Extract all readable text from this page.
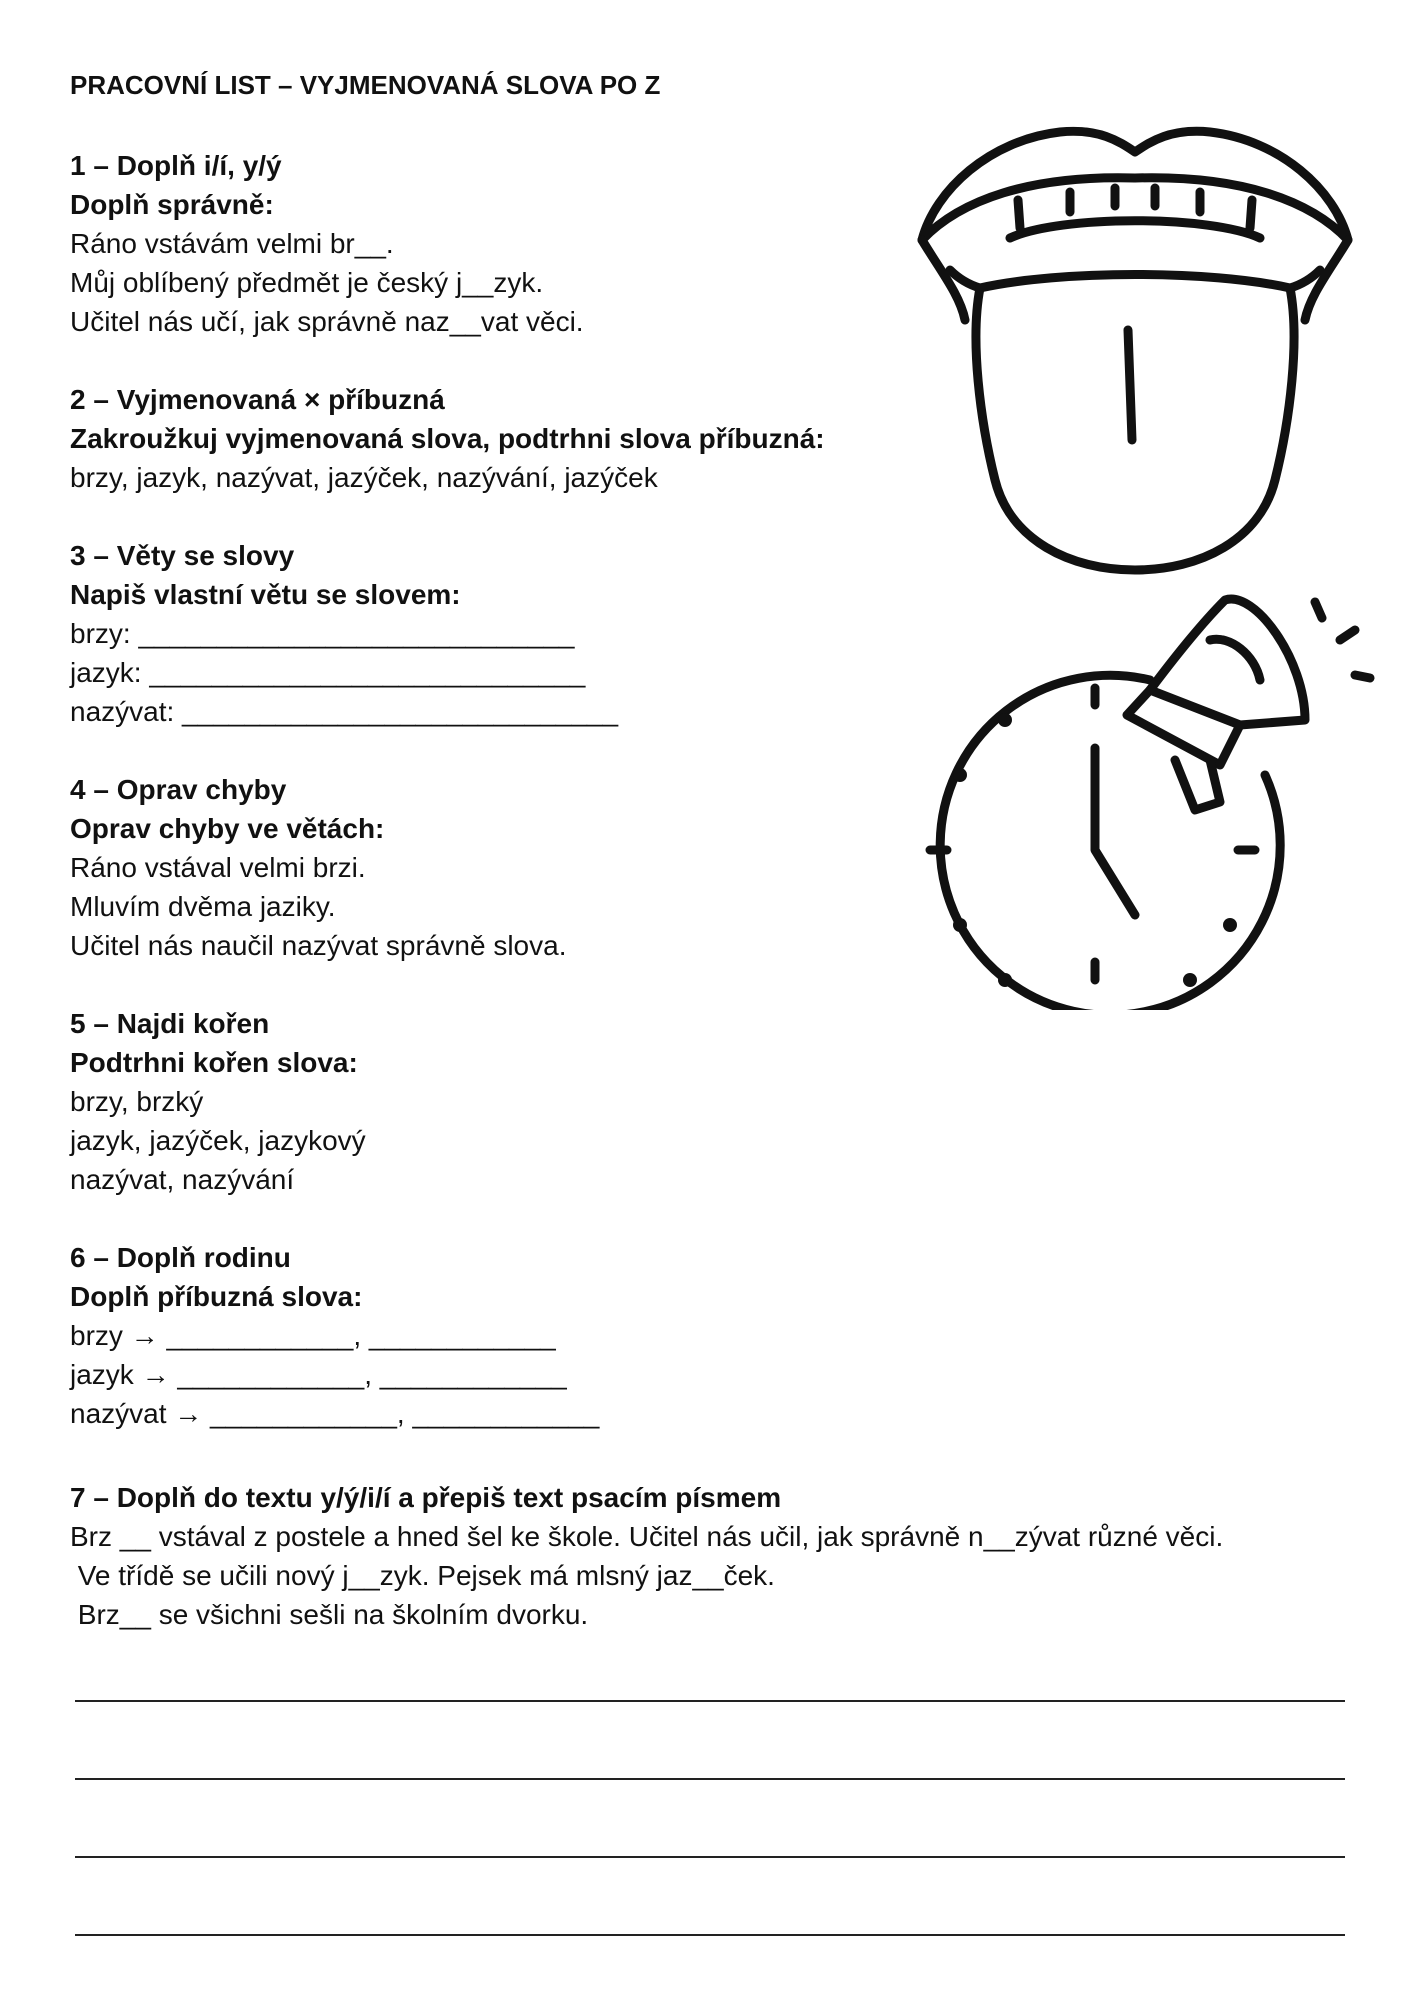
PRACOVNÍ LIST – VYJMENOVANÁ SLOVA PO Z
1 – Doplň i/í, y/ý
Doplň správně:
Ráno vstávám velmi br__.
Můj oblíbený předmět je český j__zyk.
Učitel nás učí, jak správně naz__vat věci.
2 – Vyjmenovaná × příbuzná
Zakroužkuj vyjmenovaná slova, podtrhni slova příbuzná:
brzy, jazyk, nazývat, jazýček, nazývání, jazýček
3 – Věty se slovy
Napiš vlastní větu se slovem:
brzy: ____________________________
jazyk: ____________________________
nazývat: ____________________________
4 – Oprav chyby
Oprav chyby ve větách:
Ráno vstával velmi brzi.
Mluvím dvěma jaziky.
Učitel nás naučil nazývat správně slova.
5 – Najdi kořen
Podtrhni kořen slova:
brzy, brzký
jazyk, jazýček, jazykový
nazývat, nazývání
6 – Doplň rodinu
Doplň příbuzná slova:
brzy → ____________, ____________
jazyk → ____________, ____________
nazývat → ____________, ____________
7 – Doplň do textu y/ý/i/í a přepiš text psacím písmem
Brz __ vstával z postele a hned šel ke škole. Učitel nás učil, jak správně n__zývat různé věci.
Ve třídě se učili nový j__zyk. Pejsek má mlsný jaz__ček.
Brz__ se všichni sešli na školním dvorku.
